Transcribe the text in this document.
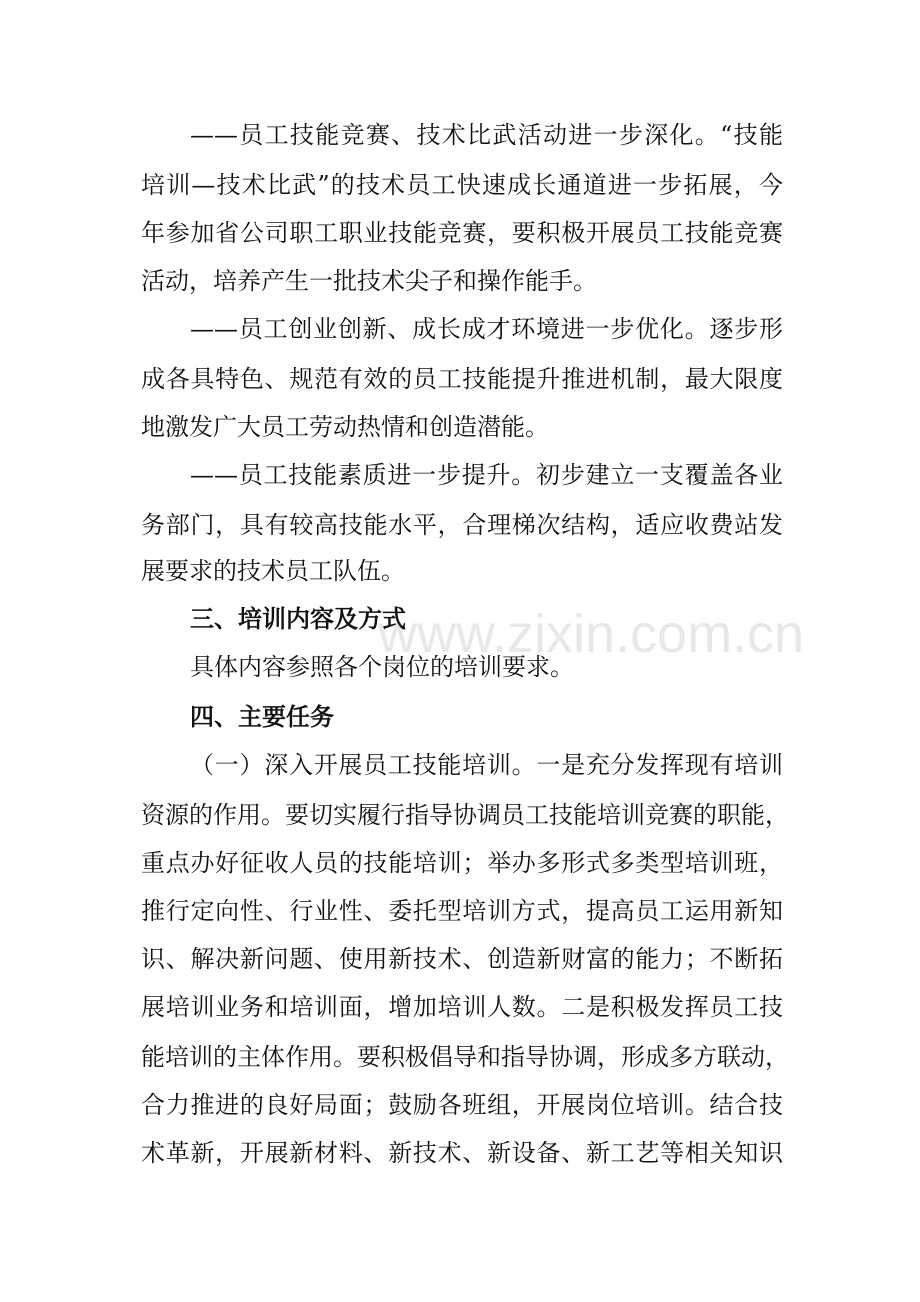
——员工技能竞赛、技术比武活动进一步深化。“技能
培训—技术比武”的技术员工快速成长通道进一步拓展，今
年参加省公司职工职业技能竞赛，要积极开展员工技能竞赛
活动，培养产生一批技术尖子和操作能手。
——员工创业创新、成长成才环境进一步优化。逐步形
成各具特色、规范有效的员工技能提升推进机制，最大限度
地激发广大员工劳动热情和创造潜能。
——员工技能素质进一步提升。初步建立一支覆盖各业
务部门，具有较高技能水平，合理梯次结构，适应收费站发
展要求的技术员工队伍。
三、培训内容及方式
www.zixin.com.cn
具体内容参照各个岗位的培训要求。
四、主要任务
（一）深入开展员工技能培训。一是充分发挥现有培训
资源的作用。要切实履行指导协调员工技能培训竞赛的职能，
重点办好征收人员的技能培训；举办多形式多类型培训班，
推行定向性、行业性、委托型培训方式，提高员工运用新知
识、解决新问题、使用新技术、创造新财富的能力；不断拓
展培训业务和培训面，增加培训人数。二是积极发挥员工技
能培训的主体作用。要积极倡导和指导协调，形成多方联动，
合力推进的良好局面；鼓励各班组，开展岗位培训。结合技
术革新，开展新材料、新技术、新设备、新工艺等相关知识
